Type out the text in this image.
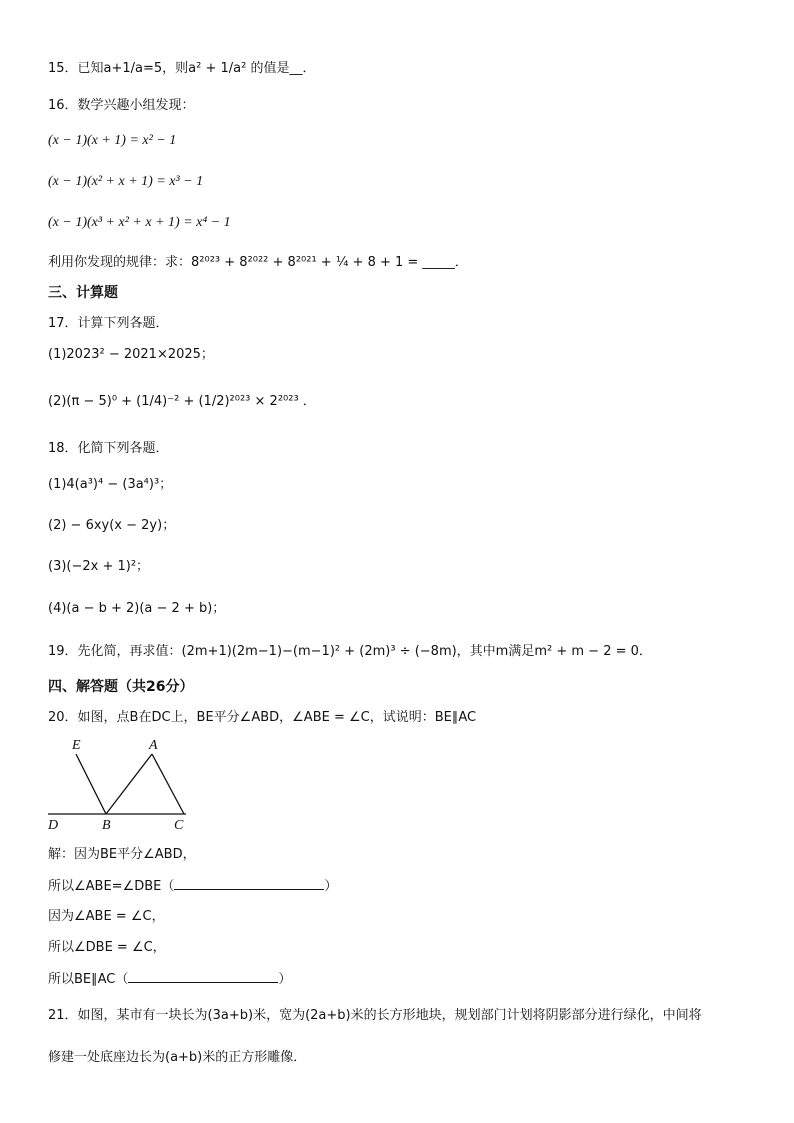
15．已知a+1/a=5，则a² + 1/a² 的值是__．
16．数学兴趣小组发现：
(x − 1)(x + 1) = x² − 1
(x − 1)(x² + x + 1) = x³ − 1
(x − 1)(x³ + x² + x + 1) = x⁴ − 1
利用你发现的规律：求：8²⁰²³ + 8²⁰²² + 8²⁰²¹ + ¼ + 8 + 1 = _____．
三、计算题
17．计算下列各题．
(1)2023² − 2021×2025；
(2)(π − 5)⁰ + (1/4)⁻² + (1/2)²⁰²³ × 2²⁰²³ ．
18．化简下列各题．
(1)4(a³)⁴ − (3a⁴)³；
(2) − 6xy(x − 2y)；
(3)(−2x + 1)²；
(4)(a − b + 2)(a − 2 + b)；
19．先化简，再求值：(2m+1)(2m−1)−(m−1)² + (2m)³ ÷ (−8m)，其中m满足m² + m − 2 = 0．
四、解答题（共26分）
20．如图，点B在DC上，BE平分∠ABD，∠ABE = ∠C，试说明：BE∥AC
E	A
D	B	C
解：因为BE平分∠ABD，
所以∠ABE=∠DBE（	）
因为∠ABE = ∠C，
所以∠DBE = ∠C，
所以BE∥AC（	）
21．如图，某市有一块长为(3a+b)米，宽为(2a+b)米的长方形地块，规划部门计划将阴影部分进行绿化，中间将
修建一处底座边长为(a+b)米的正方形雕像．
